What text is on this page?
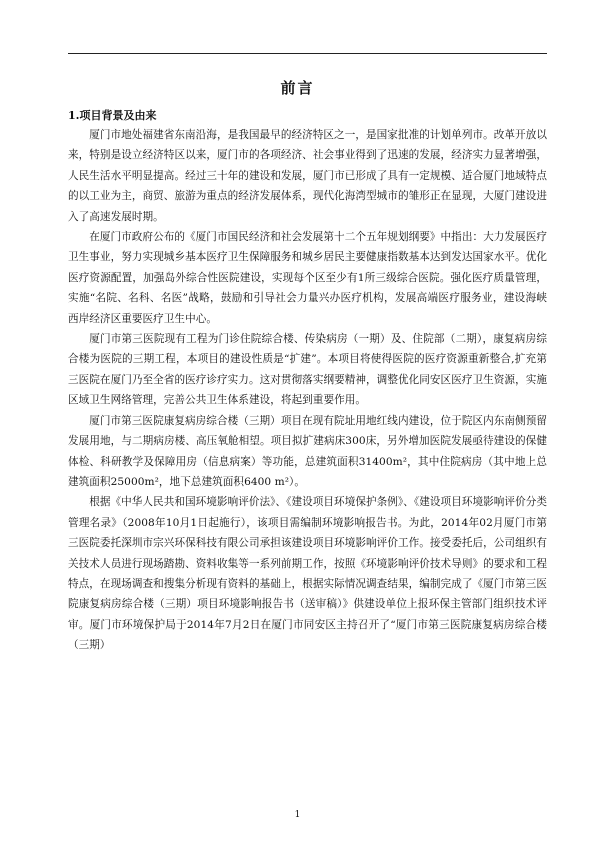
前言
1.项目背景及由来

厦门市地处福建省东南沿海，是我国最早的经济特区之一，是国家批准的计划单列市。改革开放以来，特别是设立经济特区以来，厦门市的各项经济、社会事业得到了迅速的发展，经济实力显著增强，人民生活水平明显提高。经过三十年的建设和发展，厦门市已形成了具有一定规模、适合厦门地域特点的以工业为主，商贸、旅游为重点的经济发展体系，现代化海湾型城市的雏形正在显现，大厦门建设进入了高速发展时期。

在厦门市政府公布的《厦门市国民经济和社会发展第十二个五年规划纲要》中指出：大力发展医疗卫生事业，努力实现城乡基本医疗卫生保障服务和城乡居民主要健康指数基本达到发达国家水平。优化医疗资源配置，加强岛外综合性医院建设，实现每个区至少有1所三级综合医院。强化医疗质量管理，实施“名院、名科、名医”战略，鼓励和引导社会力量兴办医疗机构，发展高端医疗服务业，建设海峡西岸经济区重要医疗卫生中心。

厦门市第三医院现有工程为门诊住院综合楼、传染病房（一期）及、住院部（二期），康复病房综合楼为医院的三期工程，本项目的建设性质是“扩建”。本项目将使得医院的医疗资源重新整合,扩充第三医院在厦门乃至全省的医疗诊疗实力。这对贯彻落实纲要精神，调整优化同安区医疗卫生资源，实施区域卫生网络管理，完善公共卫生体系建设，将起到重要作用。

厦门市第三医院康复病房综合楼（三期）项目在现有院址用地红线内建设，位于院区内东南侧预留发展用地，与二期病房楼、高压氧舱相望。项目拟扩建病床300床，另外增加医院发展亟待建设的保健体检、科研教学及保障用房（信息病案）等功能，总建筑面积31400m²，其中住院病房（其中地上总建筑面积25000m²，地下总建筑面积6400 m²）。

根据《中华人民共和国环境影响评价法》、《建设项目环境保护条例》、《建设项目环境影响评价分类管理名录》（2008年10月1日起施行），该项目需编制环境影响报告书。为此，2014年02月厦门市第三医院委托深圳市宗兴环保科技有限公司承担该建设项目环境影响评价工作。接受委托后，公司组织有关技术人员进行现场踏勘、资料收集等一系列前期工作，按照《环境影响评价技术导则》的要求和工程特点，在现场调查和搜集分析现有资料的基础上，根据实际情况调查结果，编制完成了《厦门市第三医院康复病房综合楼（三期）项目环境影响报告书（送审稿）》供建设单位上报环保主管部门组织技术评审。厦门市环境保护局于2014年7月2日在厦门市同安区主持召开了“厦门市第三医院康复病房综合楼（三期）

1
